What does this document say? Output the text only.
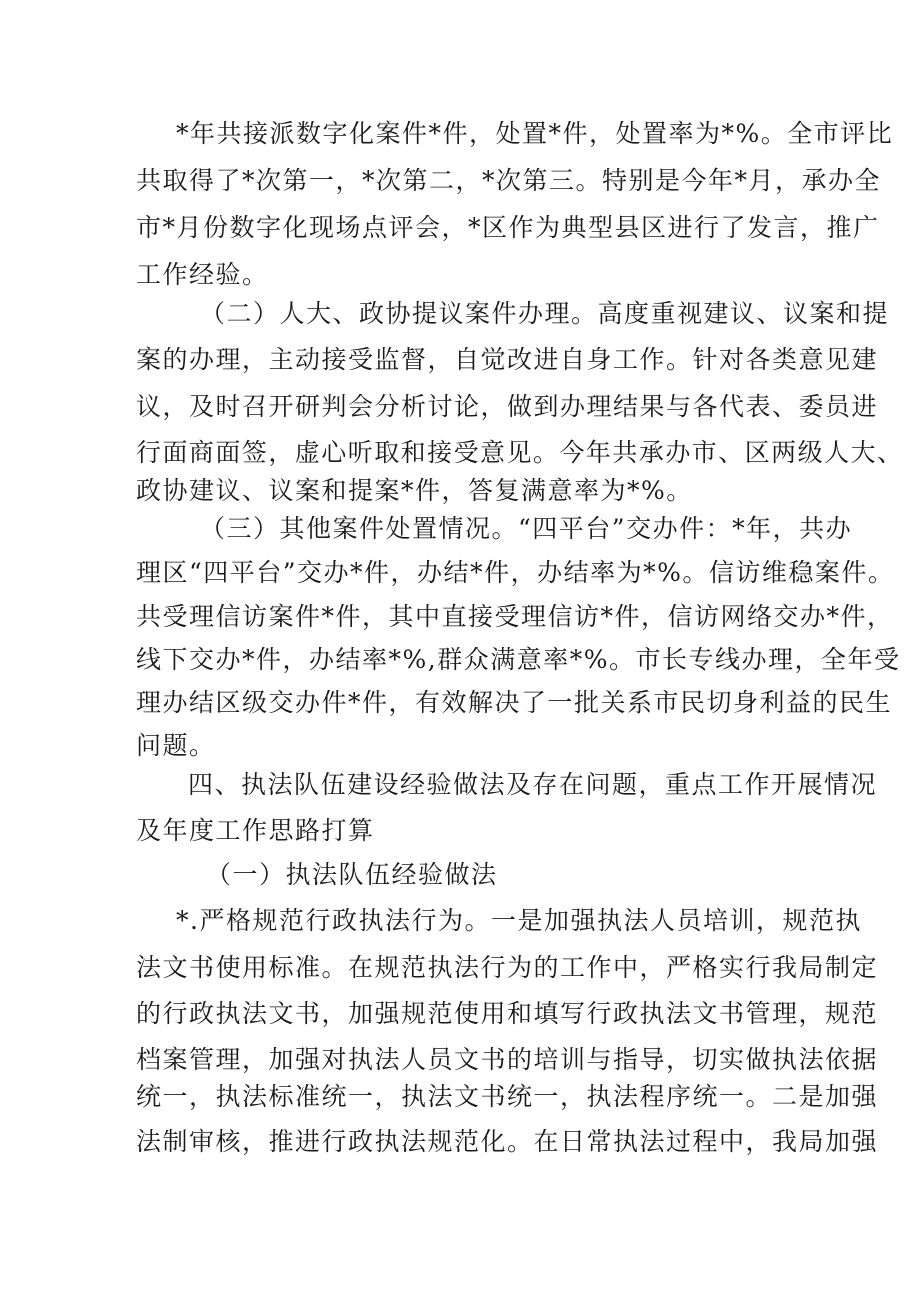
*年共接派数字化案件*件，处置*件，处置率为*%。全市评比
共取得了*次第一，*次第二，*次第三。特别是今年*月，承办全
市*月份数字化现场点评会，*区作为典型县区进行了发言，推广
工作经验。
（二）人大、政协提议案件办理。高度重视建议、议案和提
案的办理，主动接受监督，自觉改进自身工作。针对各类意见建
议，及时召开研判会分析讨论，做到办理结果与各代表、委员进
行面商面签，虚心听取和接受意见。今年共承办市、区两级人大、
政协建议、议案和提案*件，答复满意率为*%。
（三）其他案件处置情况。“四平台”交办件：*年，共办
理区“四平台”交办*件，办结*件，办结率为*%。信访维稳案件。
共受理信访案件*件，其中直接受理信访*件，信访网络交办*件，
线下交办*件，办结率*%,群众满意率*%。市长专线办理，全年受
理办结区级交办件*件，有效解决了一批关系市民切身利益的民生
问题。
四、执法队伍建设经验做法及存在问题，重点工作开展情况
及年度工作思路打算
（一）执法队伍经验做法
*.严格规范行政执法行为。一是加强执法人员培训，规范执
法文书使用标准。在规范执法行为的工作中，严格实行我局制定
的行政执法文书，加强规范使用和填写行政执法文书管理，规范
档案管理，加强对执法人员文书的培训与指导，切实做执法依据
统一，执法标准统一，执法文书统一，执法程序统一。二是加强
法制审核，推进行政执法规范化。在日常执法过程中，我局加强
